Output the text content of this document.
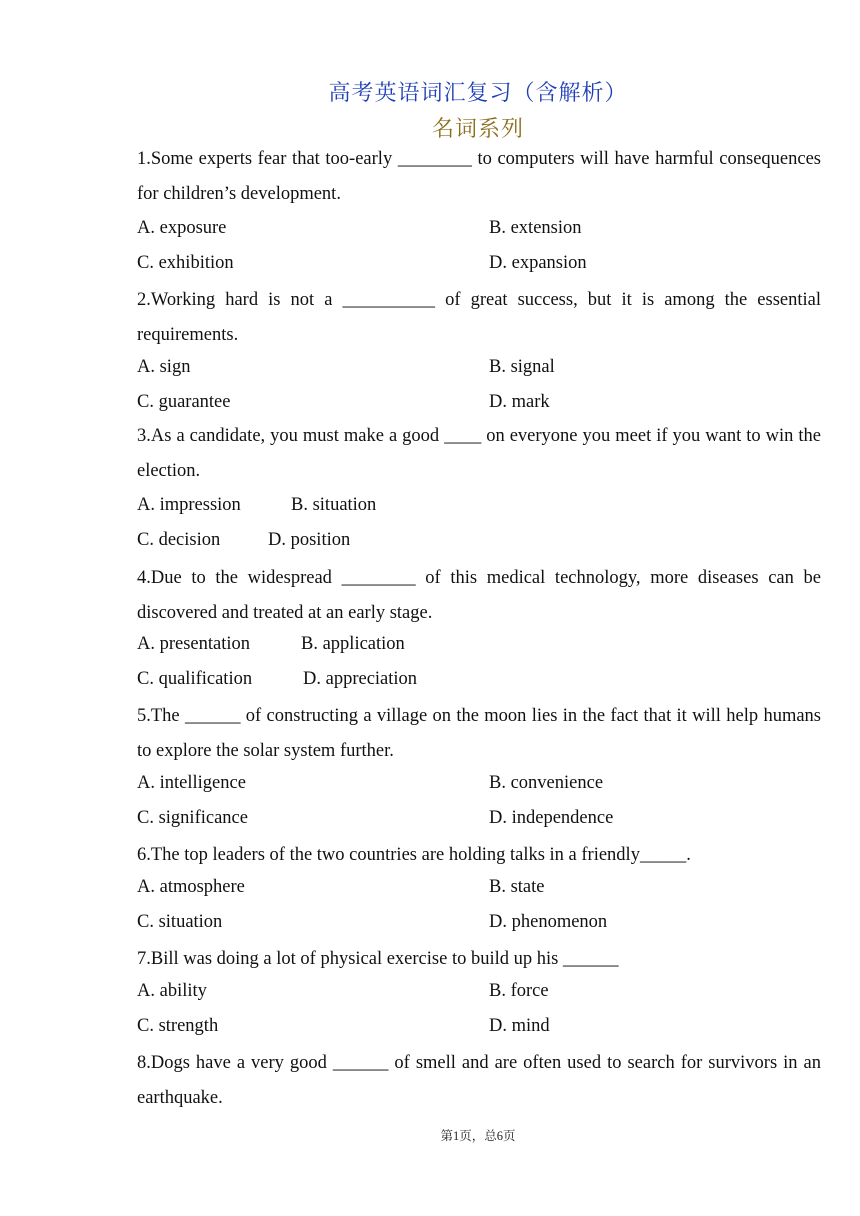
高考英语词汇复习（含解析）
名词系列
1.Some experts fear that too-early ________ to computers will have harmful consequences for children’s development.
A. exposure	B. extension
C. exhibition	D. expansion
2.Working hard is not a __________ of great success, but it is among the essential requirements.
A. sign	B. signal
C. guarantee	D. mark
3.As a candidate, you must make a good ____ on everyone you meet if you want to win the election.
A. impression	B. situation
C. decision	D. position
4.Due to the widespread ________ of this medical technology, more diseases can be discovered and treated at an early stage.
A. presentation	B. application
C. qualification	D. appreciation
5.The ______ of constructing a village on the moon lies in the fact that it will help humans to explore the solar system further.
A. intelligence	B. convenience
C. significance	D. independence
6.The top leaders of the two countries are holding talks in a friendly_____.
A. atmosphere	B. state
C. situation	D. phenomenon
7.Bill was doing a lot of physical exercise to build up his ______
A. ability	B. force
C. strength	D. mind
8.Dogs have a very good ______ of smell and are often used to search for survivors in an earthquake.
第1页，总6页
